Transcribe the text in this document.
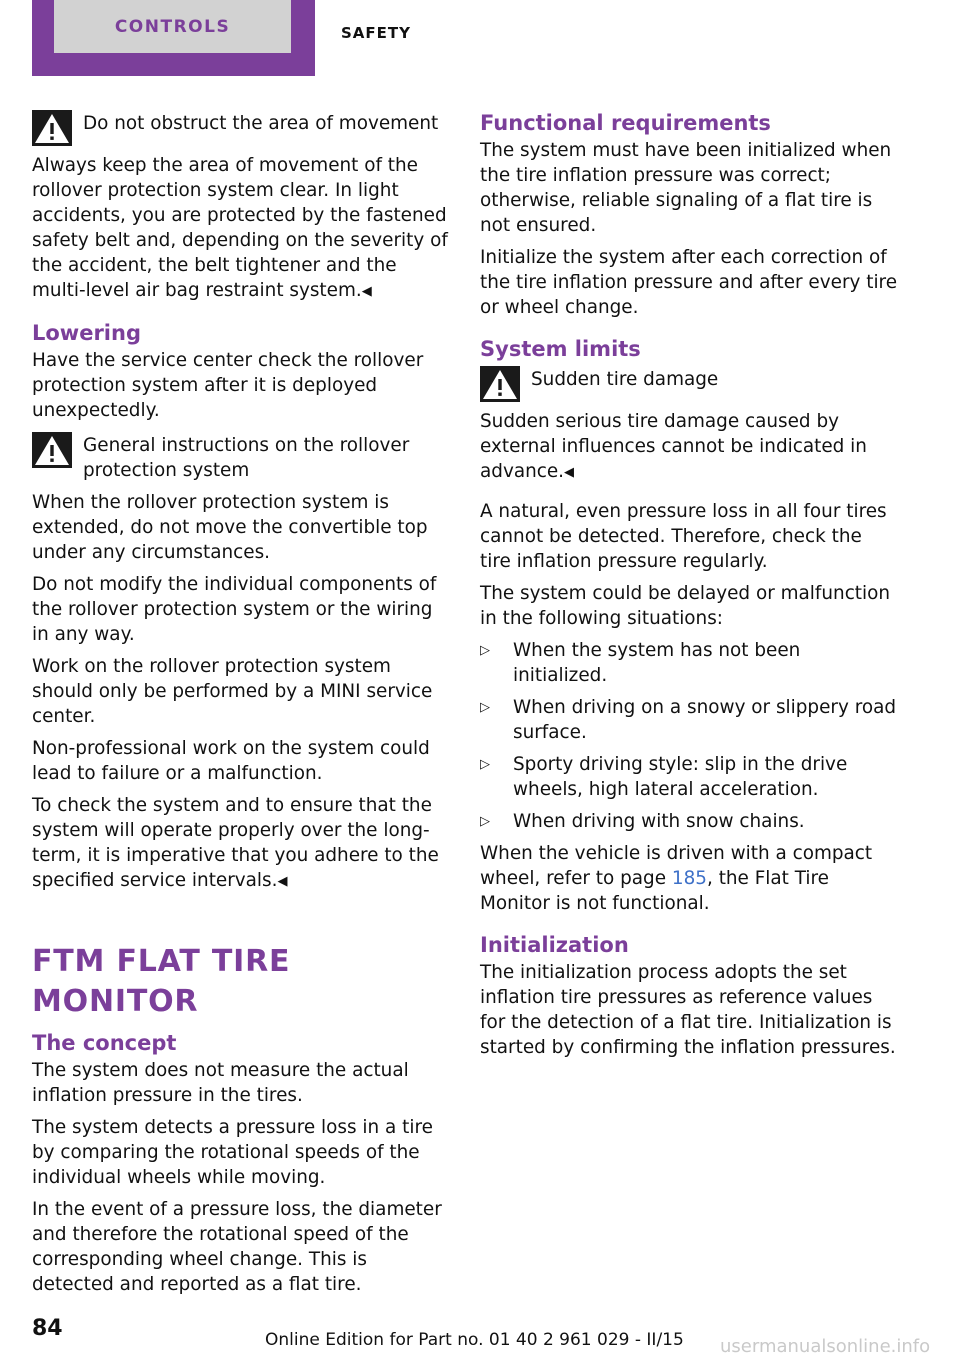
CONTROLS	SAFETY
Do not obstruct the area of movement
Always keep the area of movement of the rollover protection system clear. In light accidents, you are protected by the fastened safety belt and, depending on the severity of the accident, the belt tightener and the multi-level air bag restraint system.◀
Lowering

Have the service center check the rollover protection system after it is deployed unexpectedly.

General instructions on the rollover protection system

When the rollover protection system is extended, do not move the convertible top under any circumstances.

Do not modify the individual components of the rollover protection system or the wiring in any way.

Work on the rollover protection system should only be performed by a MINI service center.

Non-professional work on the system could lead to failure or a malfunction.

To check the system and to ensure that the system will operate properly over the long-term, it is imperative that you adhere to the specified service intervals.◀

FTM FLAT TIRE MONITOR
The concept

The system does not measure the actual inflation pressure in the tires.

The system detects a pressure loss in a tire by comparing the rotational speeds of the individual wheels while moving.

In the event of a pressure loss, the diameter and therefore the rotational speed of the corresponding wheel change. This is detected and reported as a flat tire.

Functional requirements

The system must have been initialized when the tire inflation pressure was correct; otherwise, reliable signaling of a flat tire is not ensured.

Initialize the system after each correction of the tire inflation pressure and after every tire or wheel change.

System limits
Sudden tire damage
Sudden serious tire damage caused by external influences cannot be indicated in advance.◀

A natural, even pressure loss in all four tires cannot be detected. Therefore, check the tire inflation pressure regularly.

The system could be delayed or malfunction in the following situations:

▷	When the system has not been initialized.
▷	When driving on a snowy or slippery road surface.
▷	Sporty driving style: slip in the drive wheels, high lateral acceleration.
▷	When driving with snow chains.

When the vehicle is driven with a compact wheel, refer to page 185, the Flat Tire Monitor is not functional.

Initialization

The initialization process adopts the set inflation tire pressures as reference values for the detection of a flat tire. Initialization is started by confirming the inflation pressures.

84	Online Edition for Part no. 01 40 2 961 029 - II/15 usermanualsonline.info
